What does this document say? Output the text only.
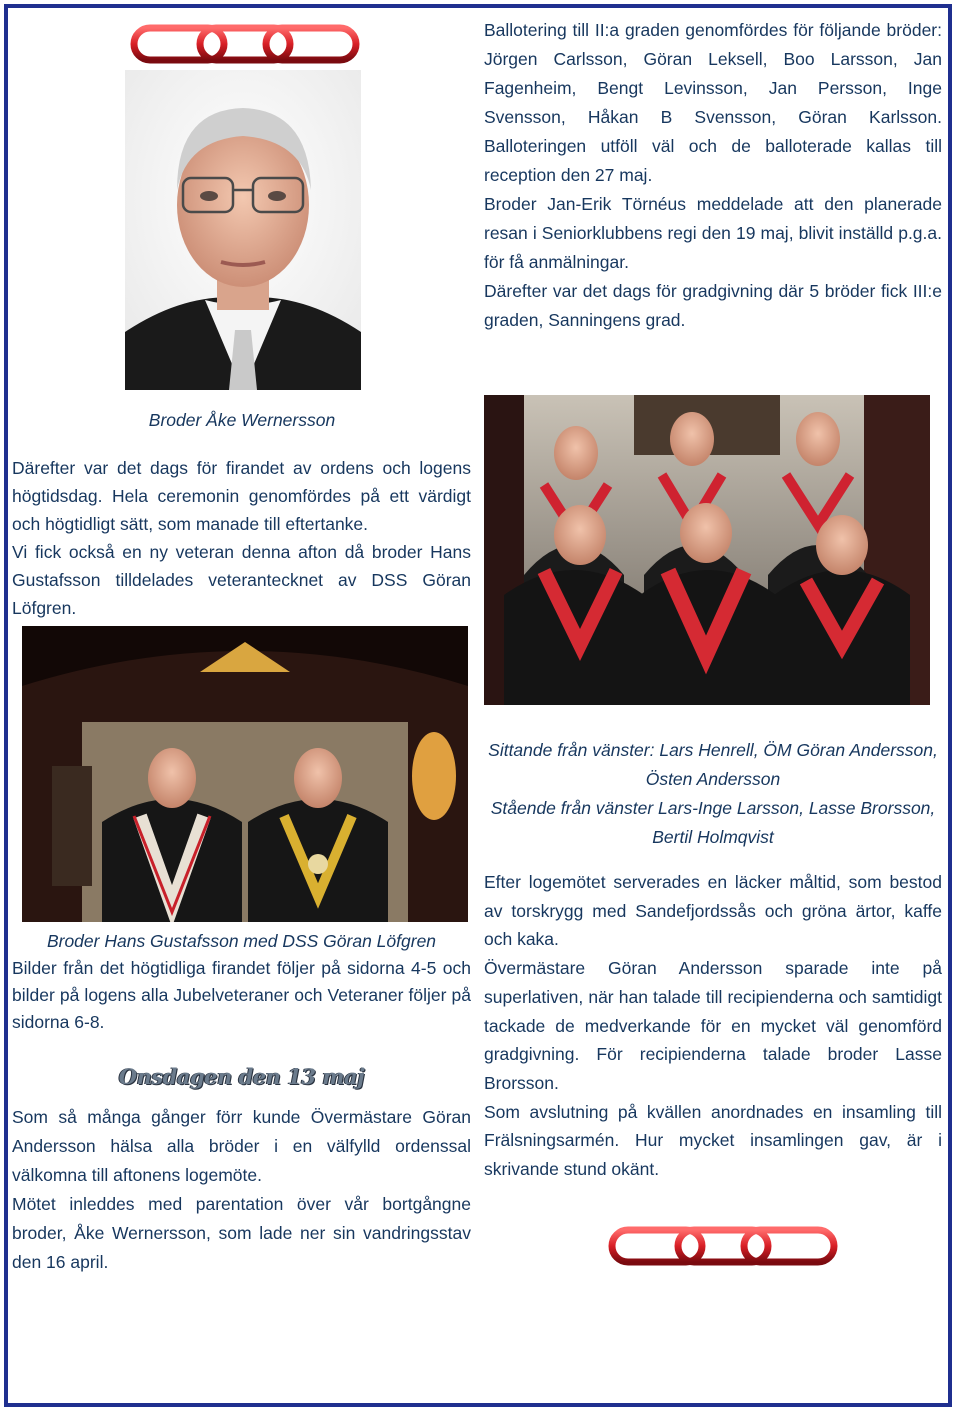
Ballotering till II:a graden genomfördes för följande bröder: Jörgen Carlsson, Göran Leksell, Boo Larsson, Jan Fagenheim, Bengt Levinsson, Jan Persson, Inge Svensson, Håkan B Svensson, Göran Karlsson. Balloteringen utföll väl och de balloterade kallas till reception den 27 maj.

Broder Jan-Erik Törnéus meddelade att den planerade resan i Seniorklubbens regi den 19 maj, blivit inställd p.g.a. för få anmälningar.

Därefter var det dags för gradgivning där 5 bröder fick III:e graden, Sanningens grad.

Broder Åke Wernersson

Därefter var det dags för firandet av ordens och logens högtidsdag. Hela ceremonin genomfördes på ett värdigt och högtidligt sätt, som manade till eftertanke.

Vi fick också en ny veteran denna afton då broder Hans Gustafsson tilldelades veterantecknet av DSS Göran Löfgren.

Sittande från vänster: Lars Henrell, ÖM Göran Andersson, Östen Andersson
Stående från vänster Lars-Inge Larsson, Lasse Brorsson, Bertil Holmqvist
Broder Hans Gustafsson med DSS Göran Löfgren

Bilder från det högtidliga firandet följer på sidorna 4-5 och bilder på logens alla Jubelveteraner och Veteraner följer på sidorna 6-8.

Onsdagen den 13 maj

Som så många gånger förr kunde Övermästare Göran Andersson hälsa alla bröder i en välfylld ordenssal välkomna till aftonens logemöte.

Mötet inleddes med parentation över vår bortgångne broder, Åke Wernersson, som lade ner sin vandringsstav den 16 april.

Efter logemötet serverades en läcker måltid, som bestod av torskrygg med Sandefjordssås och gröna ärtor, kaffe och kaka.

Övermästare Göran Andersson sparade inte på superlativen, när han talade till recipienderna och samtidigt tackade de medverkande för en mycket väl genomförd gradgivning. För recipienderna talade broder Lasse Brorsson.

Som avslutning på kvällen anordnades en insamling till Frälsningsarmén. Hur mycket insamlingen gav, är i skrivande stund okänt.
